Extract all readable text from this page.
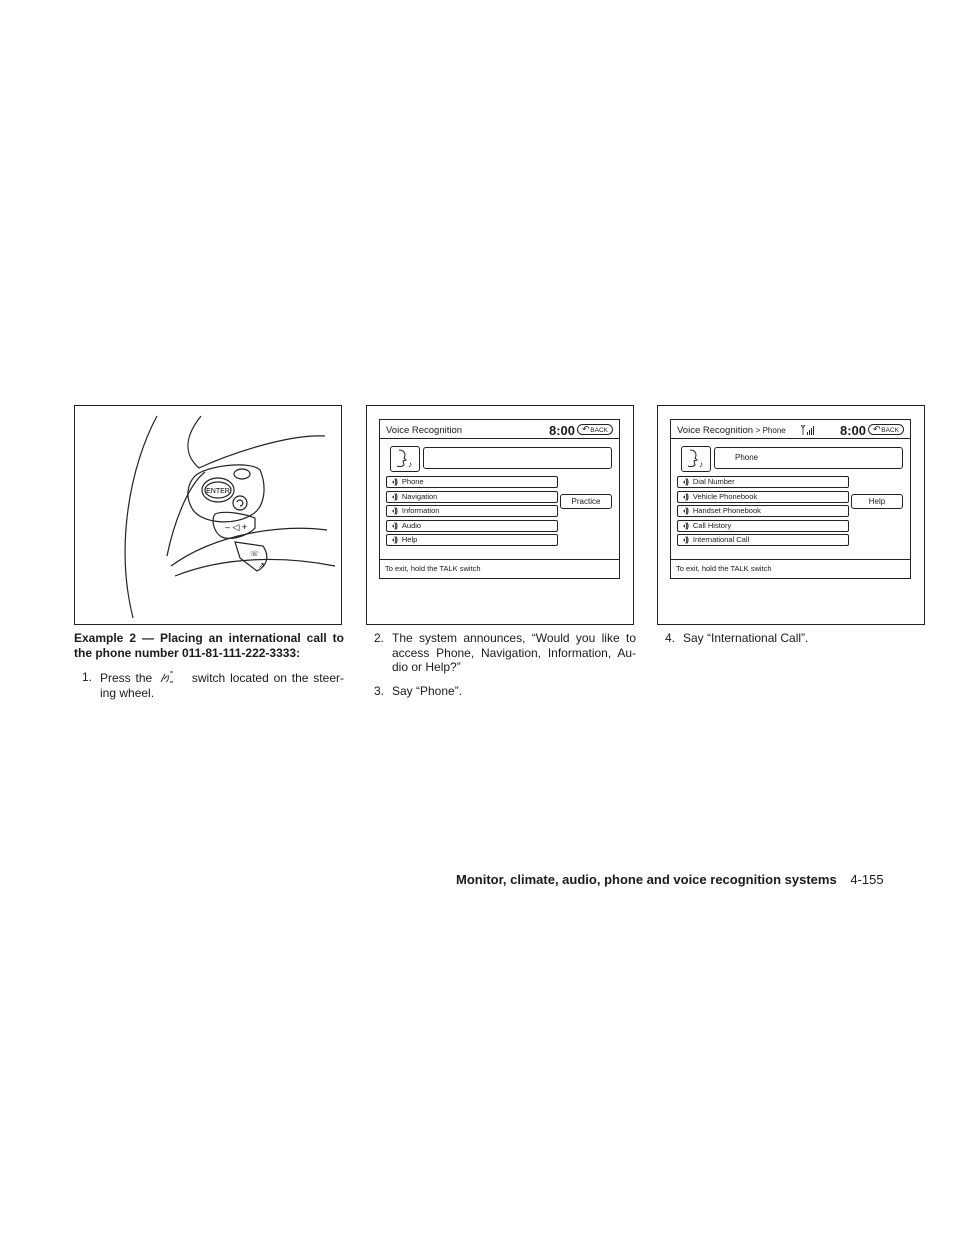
ENTER
– ◁ +
☏
↗
Voice Recognition	8:00 ↶ BACK
♪
◖)) Phone
◖)) Navigation
◖)) Information
◖)) Audio
◖)) Help
Practice
To exit, hold the TALK switch
Voice Recognition > Phone	8:00 ↶ BACK
♪
Phone
◖)) Dial Number
◖)) Vehicle Phonebook
◖)) Handset Phonebook
◖)) Call History
◖)) International Call
Help
To exit, hold the TALK switch

Example 2 — Placing an international call to the phone number 011-81-111-222-3333:

1. Press the	switch located on the steer-ing wheel.

2. The system announces, “Would you like to access Phone, Navigation, Information, Au-dio or Help?”

3. Say “Phone”.

4. Say “International Call”.

Monitor, climate, audio, phone and voice recognition systems 4-155
